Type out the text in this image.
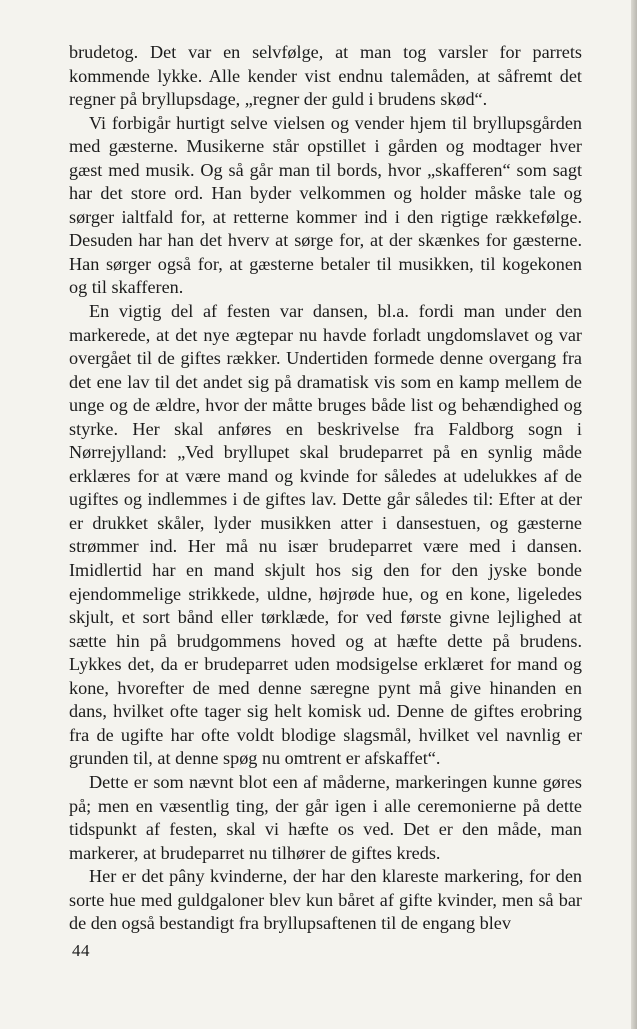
brudetog. Det var en selvfølge, at man tog varsler for parrets kommende lykke. Alle kender vist endnu talemåden, at såfremt det regner på bryllupsdage, „regner der guld i brudens skød“.

Vi forbigår hurtigt selve vielsen og vender hjem til bryllupsgården med gæsterne. Musikerne står opstillet i gården og modtager hver gæst med musik. Og så går man til bords, hvor „skafferen“ som sagt har det store ord. Han byder velkommen og holder måske tale og sørger ialtfald for, at retterne kommer ind i den rigtige rækkefølge. Desuden har han det hverv at sørge for, at der skænkes for gæsterne. Han sørger også for, at gæsterne betaler til musikken, til kogekonen og til skafferen.

En vigtig del af festen var dansen, bl.a. fordi man under den markerede, at det nye ægtepar nu havde forladt ungdomslavet og var overgået til de giftes rækker. Undertiden formede denne overgang fra det ene lav til det andet sig på dramatisk vis som en kamp mellem de unge og de ældre, hvor der måtte bruges både list og behændighed og styrke. Her skal anføres en beskrivelse fra Faldborg sogn i Nørrejylland: „Ved bryllupet skal brudeparret på en synlig måde erklæres for at være mand og kvinde for således at udelukkes af de ugiftes og indlemmes i de giftes lav. Dette går således til: Efter at der er drukket skåler, lyder musikken atter i dansestuen, og gæsterne strømmer ind. Her må nu især brudeparret være med i dansen. Imidlertid har en mand skjult hos sig den for den jyske bonde ejendommelige strikkede, uldne, højrøde hue, og en kone, ligeledes skjult, et sort bånd eller tørklæde, for ved første givne lejlighed at sætte hin på brudgommens hoved og at hæfte dette på brudens. Lykkes det, da er brudeparret uden modsigelse erklæret for mand og kone, hvorefter de med denne særegne pynt må give hinanden en dans, hvilket ofte tager sig helt komisk ud. Denne de giftes erobring fra de ugifte har ofte voldt blodige slagsmål, hvilket vel navnlig er grunden til, at denne spøg nu omtrent er afskaffet“.

Dette er som nævnt blot een af måderne, markeringen kunne gøres på; men en væsentlig ting, der går igen i alle ceremonierne på dette tidspunkt af festen, skal vi hæfte os ved. Det er den måde, man markerer, at brudeparret nu tilhører de giftes kreds.

Her er det pâny kvinderne, der har den klareste markering, for den sorte hue med guldgaloner blev kun båret af gifte kvinder, men så bar de den også bestandigt fra bryllupsaftenen til de engang blev

44
